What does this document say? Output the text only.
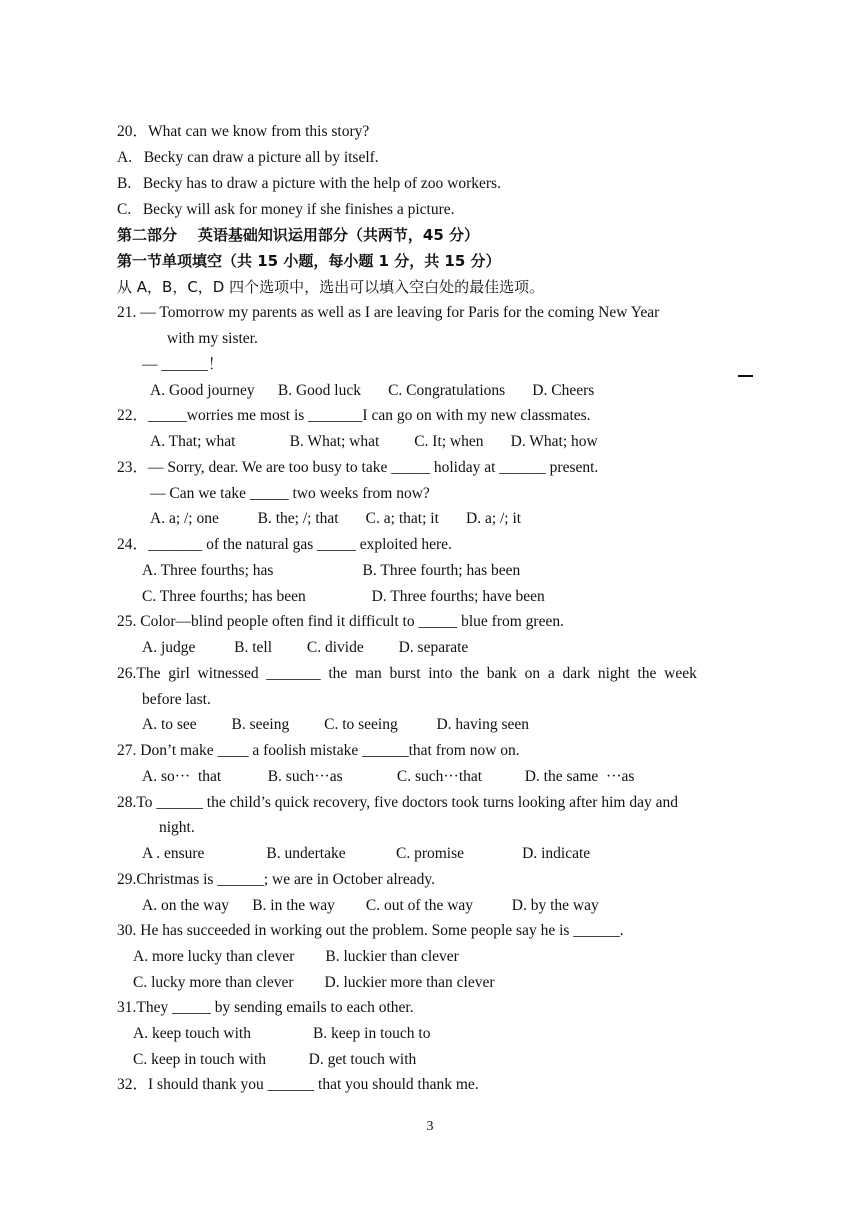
20．What can we know from this story?
A.   Becky can draw a picture all by itself.
B.   Becky has to draw a picture with the help of zoo workers.
C.   Becky will ask for money if she finishes a picture.
第二部分    英语基础知识运用部分（共两节，45 分）
第一节单项填空（共 15 小题，每小题 1 分，共 15 分）
从 A，B，C，D 四个选项中，选出可以填入空白处的最佳选项。
21. — Tomorrow my parents as well as I are leaving for Paris for the coming New Year
with my sister.
— ______！
A. Good journey      B. Good luck       C. Congratulations       D. Cheers
22．_____worries me most is _______I can go on with my new classmates.
A. That; what              B. What; what         C. It; when       D. What; how
23．— Sorry, dear. We are too busy to take _____ holiday at ______ present.
— Can we take _____ two weeks from now?
A. a; /; one          B. the; /; that       C. a; that; it       D. a; /; it
24．_______ of the natural gas _____ exploited here.
A. Three fourths; has                       B. Three fourth; has been
C. Three fourths; has been                 D. Three fourths; have been
25. Color—blind people often find it difficult to _____ blue from green.
A. judge          B. tell         C. divide         D. separate
26.The  girl  witnessed  _______  the  man  burst  into  the  bank  on  a  dark  night  the  week
before last.
A. to see         B. seeing         C. to seeing          D. having seen
27. Don’t make ____ a foolish mistake ______that from now on.
A. so···  that            B. such···as              C. such···that           D. the same  ···as
28.To ______ the child’s quick recovery, five doctors took turns looking after him day and
night.
A . ensure                B. undertake             C. promise               D. indicate
29.Christmas is ______; we are in October already.
A. on the way      B. in the way        C. out of the way          D. by the way
30. He has succeeded in working out the problem. Some people say he is ______.
A. more lucky than clever        B. luckier than clever
C. lucky more than clever        D. luckier more than clever
31.They _____ by sending emails to each other.
A. keep touch with                B. keep in touch to
C. keep in touch with           D. get touch with
32．I should thank you ______ that you should thank me.
3
